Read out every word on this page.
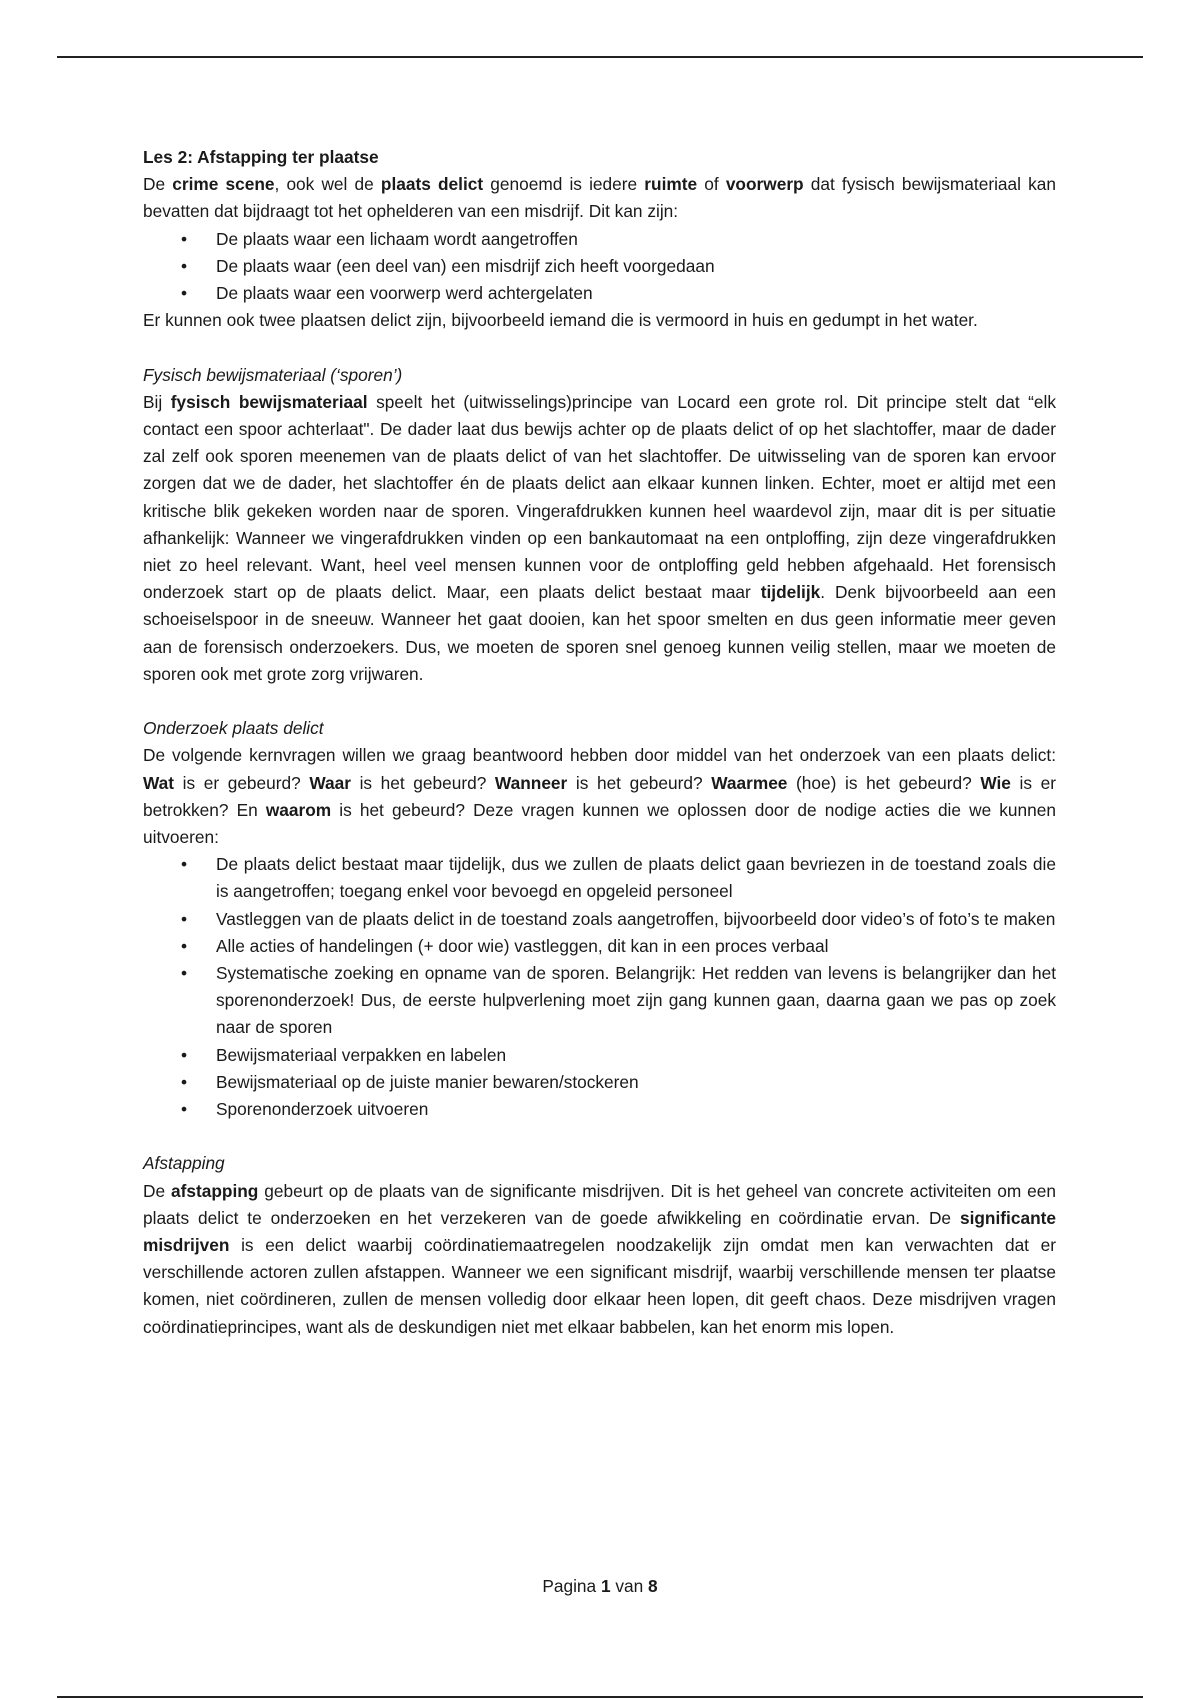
Les 2: Afstapping ter plaatse

De crime scene, ook wel de plaats delict genoemd is iedere ruimte of voorwerp dat fysisch bewijsmateriaal kan bevatten dat bijdraagt tot het ophelderen van een misdrijf. Dit kan zijn:

• De plaats waar een lichaam wordt aangetroffen
• De plaats waar (een deel van) een misdrijf zich heeft voorgedaan
• De plaats waar een voorwerp werd achtergelaten

Er kunnen ook twee plaatsen delict zijn, bijvoorbeeld iemand die is vermoord in huis en gedumpt in het water.

Fysisch bewijsmateriaal (‘sporen’)

Bij fysisch bewijsmateriaal speelt het (uitwisselings)principe van Locard een grote rol. Dit principe stelt dat “elk contact een spoor achterlaat". De dader laat dus bewijs achter op de plaats delict of op het slachtoffer, maar de dader zal zelf ook sporen meenemen van de plaats delict of van het slachtoffer. De uitwisseling van de sporen kan ervoor zorgen dat we de dader, het slachtoffer én de plaats delict aan elkaar kunnen linken. Echter, moet er altijd met een kritische blik gekeken worden naar de sporen. Vingerafdrukken kunnen heel waardevol zijn, maar dit is per situatie afhankelijk: Wanneer we vingerafdrukken vinden op een bankautomaat na een ontploffing, zijn deze vingerafdrukken niet zo heel relevant. Want, heel veel mensen kunnen voor de ontploffing geld hebben afgehaald. Het forensisch onderzoek start op de plaats delict. Maar, een plaats delict bestaat maar tijdelijk. Denk bijvoorbeeld aan een schoeiselspoor in de sneeuw. Wanneer het gaat dooien, kan het spoor smelten en dus geen informatie meer geven aan de forensisch onderzoekers. Dus, we moeten de sporen snel genoeg kunnen veilig stellen, maar we moeten de sporen ook met grote zorg vrijwaren.

Onderzoek plaats delict

De volgende kernvragen willen we graag beantwoord hebben door middel van het onderzoek van een plaats delict: Wat is er gebeurd? Waar is het gebeurd? Wanneer is het gebeurd? Waarmee (hoe) is het gebeurd? Wie is er betrokken? En waarom is het gebeurd? Deze vragen kunnen we oplossen door de nodige acties die we kunnen uitvoeren:

• De plaats delict bestaat maar tijdelijk, dus we zullen de plaats delict gaan bevriezen in de toestand zoals die is aangetroffen; toegang enkel voor bevoegd en opgeleid personeel
• Vastleggen van de plaats delict in de toestand zoals aangetroffen, bijvoorbeeld door video’s of foto’s te maken
• Alle acties of handelingen (+ door wie) vastleggen, dit kan in een proces verbaal
• Systematische zoeking en opname van de sporen. Belangrijk: Het redden van levens is belangrijker dan het sporenonderzoek! Dus, de eerste hulpverlening moet zijn gang kunnen gaan, daarna gaan we pas op zoek naar de sporen
• Bewijsmateriaal verpakken en labelen
• Bewijsmateriaal op de juiste manier bewaren/stockeren
• Sporenonderzoek uitvoeren

Afstapping

De afstapping gebeurt op de plaats van de significante misdrijven. Dit is het geheel van concrete activiteiten om een plaats delict te onderzoeken en het verzekeren van de goede afwikkeling en coördinatie ervan. De significante misdrijven is een delict waarbij coördinatiemaatregelen noodzakelijk zijn omdat men kan verwachten dat er verschillende actoren zullen afstappen. Wanneer we een significant misdrijf, waarbij verschillende mensen ter plaatse komen, niet coördineren, zullen de mensen volledig door elkaar heen lopen, dit geeft chaos. Deze misdrijven vragen coördinatieprincipes, want als de deskundigen niet met elkaar babbelen, kan het enorm mis lopen.

Pagina 1 van 8
